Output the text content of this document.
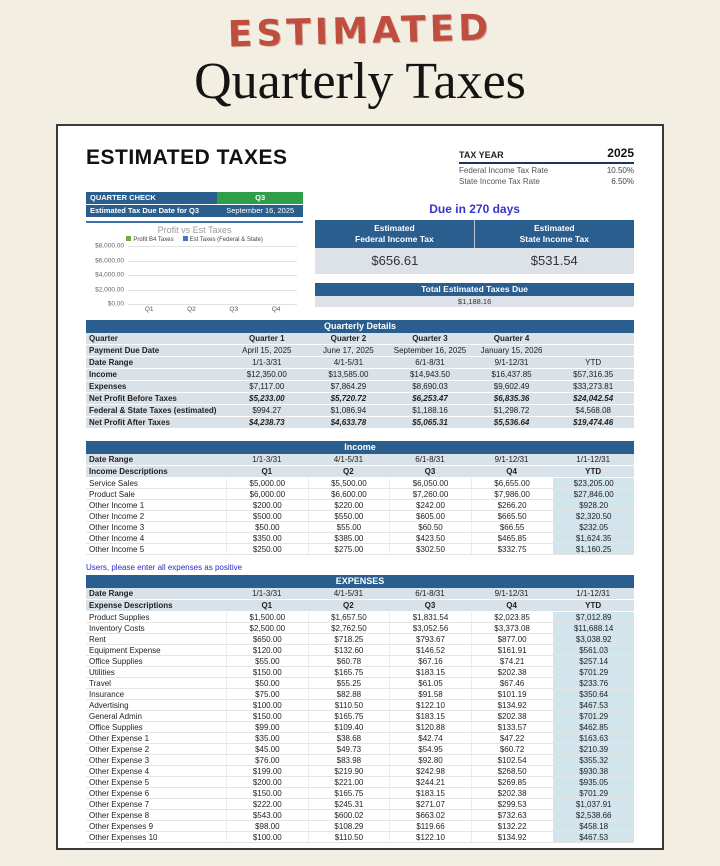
ESTIMATED
Quarterly Taxes
ESTIMATED TAXES	TAX YEAR	2025
Federal Income Tax Rate	10.50%
State Income Tax Rate	6.50%
QUARTER CHECK	Q3
Estimated Tax Due Date for Q3	September 16, 2025
Profit vs Est Taxes
Profit B4 Taxes	Est Taxes (Federal & State)
$8,000.00
$6,000.00
$4,000.00
$2,000.00
$0.00
Q1	Q2	Q3	Q4
Due in 270 days
Estimated
Federal Income Tax
$656.61
Estimated
State Income Tax
$531.54
Total Estimated Taxes Due
$1,188.16
Quarterly Details
Quarter	Quarter 1	Quarter 2	Quarter 3	Quarter 4
Payment Due Date	April 15, 2025	June 17, 2025	September 16, 2025	January 15, 2026
Date Range	1/1-3/31	4/1-5/31	6/1-8/31	9/1-12/31	YTD
Income	$12,350.00	$13,585.00	$14,943.50	$16,437.85	$57,316.35
Expenses	$7,117.00	$7,864.29	$8,690.03	$9,602.49	$33,273.81
Net Profit Before Taxes	$5,233.00	$5,720.72	$6,253.47	$6,835.36	$24,042.54
Federal & State Taxes (estimated)	$994.27	$1,086.94	$1,188.16	$1,298.72	$4,568.08
Net Profit After Taxes	$4,238.73	$4,633.78	$5,065.31	$5,536.64	$19,474.46
Income
Date Range	1/1-3/31	4/1-5/31	6/1-8/31	9/1-12/31	1/1-12/31
Income Descriptions	Q1	Q2	Q3	Q4	YTD
Service Sales	$5,000.00	$5,500.00	$6,050.00	$6,655.00	$23,205.00
Product Sale	$6,000.00	$6,600.00	$7,260.00	$7,986.00	$27,846.00
Other Income 1	$200.00	$220.00	$242.00	$266.20	$928.20
Other Income 2	$500.00	$550.00	$605.00	$665.50	$2,320.50
Other Income 3	$50.00	$55.00	$60.50	$66.55	$232.05
Other Income 4	$350.00	$385.00	$423.50	$465.85	$1,624.35
Other Income 5	$250.00	$275.00	$302.50	$332.75	$1,160.25
Users, please enter all expenses as positive
EXPENSES
Date Range	1/1-3/31	4/1-5/31	6/1-8/31	9/1-12/31	1/1-12/31
Expense Descriptions	Q1	Q2	Q3	Q4	YTD
Product Supplies	$1,500.00	$1,657.50	$1,831.54	$2,023.85	$7,012.89
Inventory Costs	$2,500.00	$2,762.50	$3,052.56	$3,373.08	$11,688.14
Rent	$650.00	$718.25	$793.67	$877.00	$3,038.92
Equipment Expense	$120.00	$132.60	$146.52	$161.91	$561.03
Office Supplies	$55.00	$60.78	$67.16	$74.21	$257.14
Utilities	$150.00	$165.75	$183.15	$202.38	$701.29
Travel	$50.00	$55.25	$61.05	$67.46	$233.76
Insurance	$75.00	$82.88	$91.58	$101.19	$350.64
Advertising	$100.00	$110.50	$122.10	$134.92	$467.53
General Admin	$150.00	$165.75	$183.15	$202.38	$701.29
Office Supplies	$99.00	$109.40	$120.88	$133.57	$462.85
Other Expense 1	$35.00	$38.68	$42.74	$47.22	$163.63
Other Expense 2	$45.00	$49.73	$54.95	$60.72	$210.39
Other Expense 3	$76.00	$83.98	$92.80	$102.54	$355.32
Other Expense 4	$199.00	$219.90	$242.98	$268.50	$930.38
Other Expense 5	$200.00	$221.00	$244.21	$269.85	$935.05
Other Expense 6	$150.00	$165.75	$183.15	$202.38	$701.29
Other Expense 7	$222.00	$245.31	$271.07	$299.53	$1,037.91
Other Expense 8	$543.00	$600.02	$663.02	$732.63	$2,538.66
Other Expenses 9	$98.00	$108.29	$119.66	$132.22	$458.18
Other Expenses 10	$100.00	$110.50	$122.10	$134.92	$467.53
